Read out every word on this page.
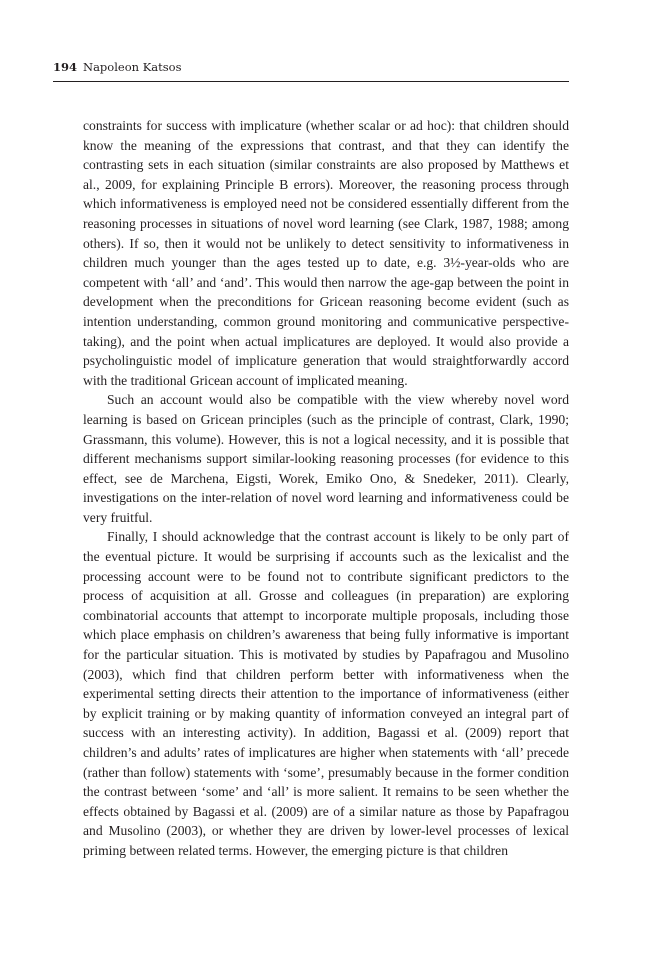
194 Napoleon Katsos

constraints for success with implicature (whether scalar or ad hoc): that children should know the meaning of the expressions that contrast, and that they can identify the contrasting sets in each situation (similar constraints are also proposed by Matthews et al., 2009, for explaining Principle B errors). Moreover, the reasoning process through which informativeness is employed need not be considered essentially different from the reasoning processes in situations of novel word learning (see Clark, 1987, 1988; among others). If so, then it would not be unlikely to detect sensitivity to informativeness in children much younger than the ages tested up to date, e.g. 3½-year-olds who are competent with ‘all’ and ‘and’. This would then narrow the age-gap between the point in development when the preconditions for Gricean reasoning become evident (such as intention understanding, common ground monitoring and communicative perspective-taking), and the point when actual implicatures are deployed. It would also provide a psycholinguistic model of implicature generation that would straightforwardly accord with the traditional Gricean account of implicated meaning.

Such an account would also be compatible with the view whereby novel word learning is based on Gricean principles (such as the principle of contrast, Clark, 1990; Grassmann, this volume). However, this is not a logical necessity, and it is possible that different mechanisms support similar-looking reasoning processes (for evidence to this effect, see de Marchena, Eigsti, Worek, Emiko Ono, & Snedeker, 2011). Clearly, investigations on the inter-relation of novel word learning and informativeness could be very fruitful.

Finally, I should acknowledge that the contrast account is likely to be only part of the eventual picture. It would be surprising if accounts such as the lexicalist and the processing account were to be found not to contribute significant predictors to the process of acquisition at all. Grosse and colleagues (in preparation) are exploring combinatorial accounts that attempt to incorporate multiple proposals, including those which place emphasis on children’s awareness that being fully informative is important for the particular situation. This is motivated by studies by Papafragou and Musolino (2003), which find that children perform better with informativeness when the experimental setting directs their attention to the importance of informativeness (either by explicit training or by making quantity of information conveyed an integral part of success with an interesting activity). In addition, Bagassi et al. (2009) report that children’s and adults’ rates of implicatures are higher when statements with ‘all’ precede (rather than follow) statements with ‘some’, presumably because in the former condition the contrast between ‘some’ and ‘all’ is more salient. It remains to be seen whether the effects obtained by Bagassi et al. (2009) are of a similar nature as those by Papafragou and Musolino (2003), or whether they are driven by lower-level processes of lexical priming between related terms. However, the emerging picture is that children
